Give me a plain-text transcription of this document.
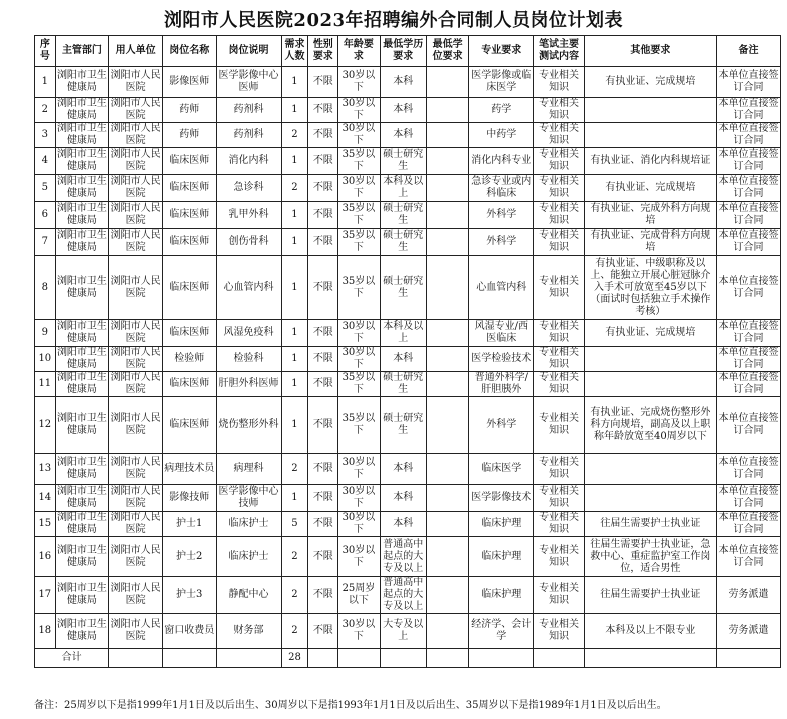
浏阳市人民医院2023年招聘编外合同制人员岗位计划表
序号	主管部门	用人单位	岗位名称	岗位说明	需求人数	性别要求	年龄要求	最低学历要求	最低学位要求	专业要求	笔试主要测试内容	其他要求	备注
1	浏阳市卫生健康局	浏阳市人民医院	影像医师	医学影像中心医师	1	不限	30岁以下	本科		医学影像或临床医学	专业相关知识	有执业证、完成规培	本单位直接签订合同
2	浏阳市卫生健康局	浏阳市人民医院	药师	药剂科	1	不限	30岁以下	本科		药学	专业相关知识		本单位直接签订合同
3	浏阳市卫生健康局	浏阳市人民医院	药师	药剂科	2	不限	30岁以下	本科		中药学	专业相关知识		本单位直接签订合同
4	浏阳市卫生健康局	浏阳市人民医院	临床医师	消化内科	1	不限	35岁以下	硕士研究生		消化内科专业	专业相关知识	有执业证、消化内科规培证	本单位直接签订合同
5	浏阳市卫生健康局	浏阳市人民医院	临床医师	急诊科	2	不限	30岁以下	本科及以上		急诊专业或内科临床	专业相关知识	有执业证、完成规培	本单位直接签订合同
6	浏阳市卫生健康局	浏阳市人民医院	临床医师	乳甲外科	1	不限	35岁以下	硕士研究生		外科学	专业相关知识	有执业证、完成外科方向规培	本单位直接签订合同
7	浏阳市卫生健康局	浏阳市人民医院	临床医师	创伤骨科	1	不限	35岁以下	硕士研究生		外科学	专业相关知识	有执业证、完成骨科方向规培	本单位直接签订合同
8	浏阳市卫生健康局	浏阳市人民医院	临床医师	心血管内科	1	不限	35岁以下	硕士研究生		心血管内科	专业相关知识	有执业证、中级职称及以上、能独立开展心脏冠脉介入手术可放宽至45岁以下（面试时包括独立手术操作考核）	本单位直接签订合同
9	浏阳市卫生健康局	浏阳市人民医院	临床医师	风湿免疫科	1	不限	30岁以下	本科及以上		风湿专业/西医临床	专业相关知识	有执业证、完成规培	本单位直接签订合同
10	浏阳市卫生健康局	浏阳市人民医院	检验师	检验科	1	不限	30岁以下	本科		医学检验技术	专业相关知识		本单位直接签订合同
11	浏阳市卫生健康局	浏阳市人民医院	临床医师	肝胆外科医师	1	不限	35岁以下	硕士研究生		普通外科学/肝胆胰外	专业相关知识		本单位直接签订合同
12	浏阳市卫生健康局	浏阳市人民医院	临床医师	烧伤整形外科	1	不限	35岁以下	硕士研究生		外科学	专业相关知识	有执业证、完成烧伤整形外科方向规培，副高及以上职称年龄放宽至40周岁以下	本单位直接签订合同
13	浏阳市卫生健康局	浏阳市人民医院	病理技术员	病理科	2	不限	30岁以下	本科		临床医学	专业相关知识		本单位直接签订合同
14	浏阳市卫生健康局	浏阳市人民医院	影像技师	医学影像中心技师	1	不限	30岁以下	本科		医学影像技术	专业相关知识		本单位直接签订合同
15	浏阳市卫生健康局	浏阳市人民医院	护士1	临床护士	5	不限	30岁以下	本科		临床护理	专业相关知识	往届生需要护士执业证	本单位直接签订合同
16	浏阳市卫生健康局	浏阳市人民医院	护士2	临床护士	2	不限	30岁以下	普通高中起点的大专及以上		临床护理	专业相关知识	往届生需要护士执业证，急救中心、重症监护室工作岗位，适合男性	本单位直接签订合同
17	浏阳市卫生健康局	浏阳市人民医院	护士3	静配中心	2	不限	25周岁以下	普通高中起点的大专及以上		临床护理	专业相关知识	往届生需要护士执业证	劳务派遣
18	浏阳市卫生健康局	浏阳市人民医院	窗口收费员	财务部	2	不限	30岁以下	大专及以上		经济学、会计学	专业相关知识	本科及以上不限专业	劳务派遣
合计					28								
备注：25周岁以下是指1999年1月1日及以后出生、30周岁以下是指1993年1月1日及以后出生、35周岁以下是指1989年1月1日及以后出生。
